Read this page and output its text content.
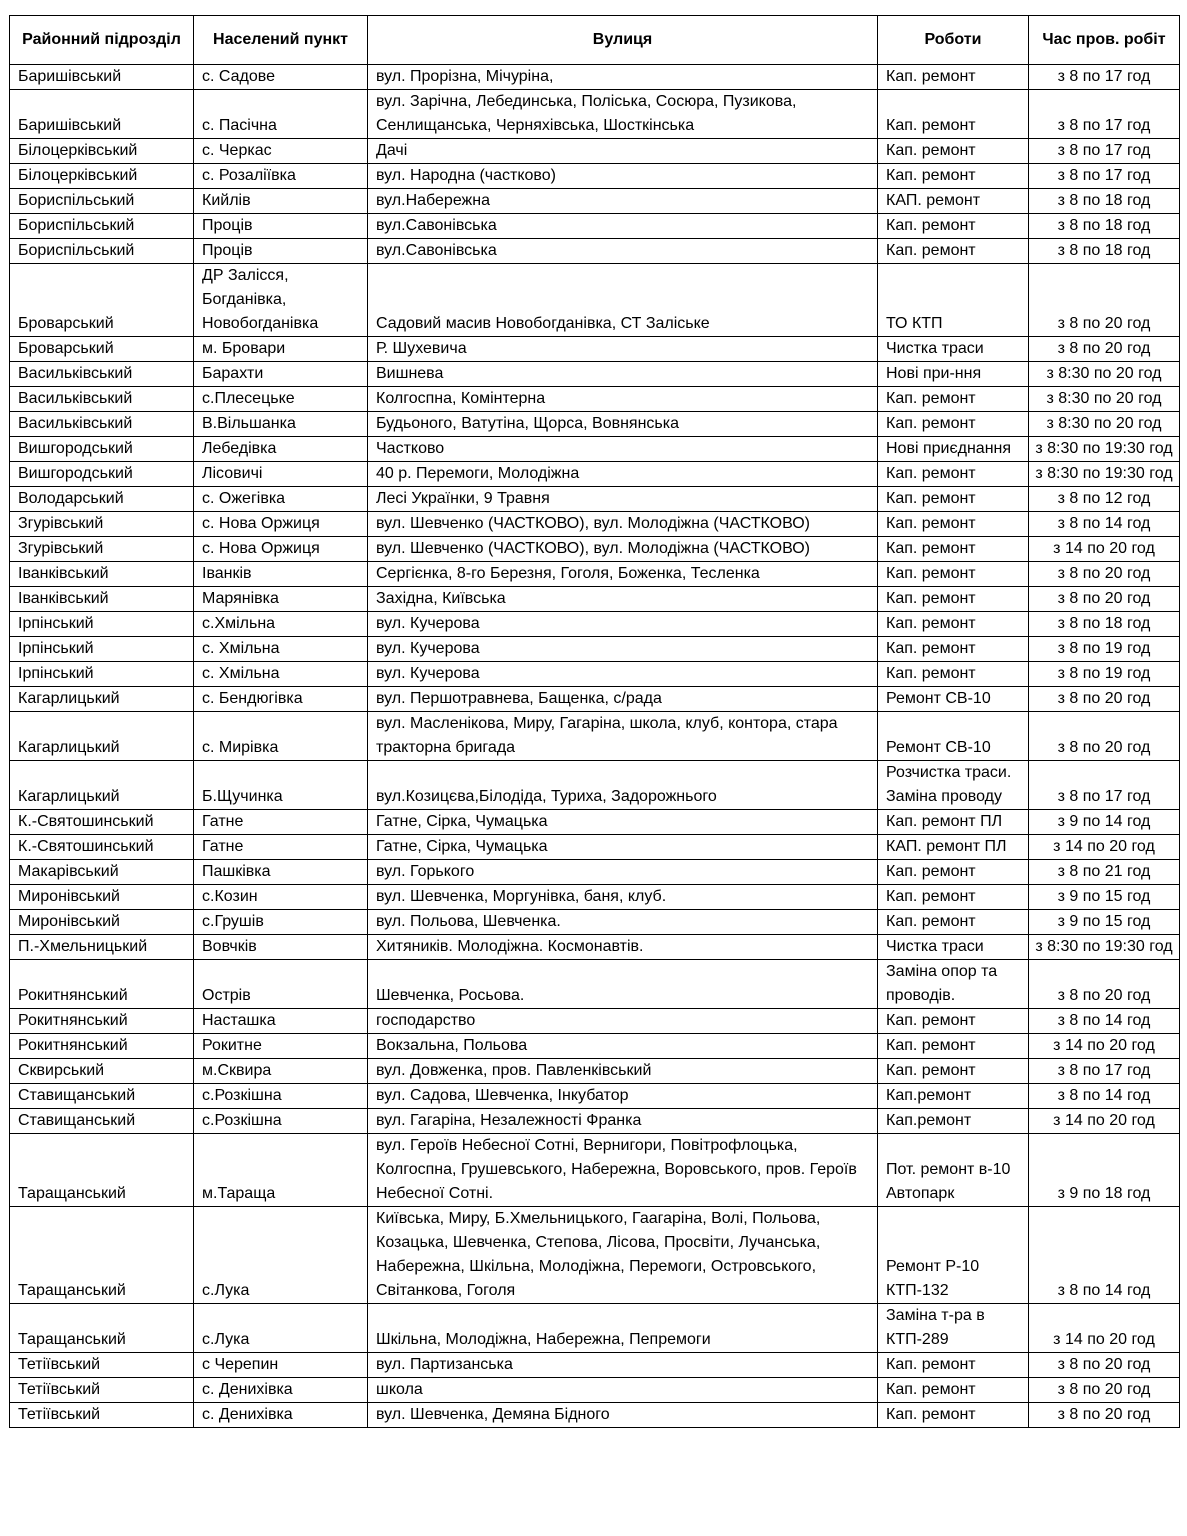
Районний підрозділ	Населений пункт	Вулиця	Роботи	Час пров. робіт
Баришівський	с. Садове	вул. Прорізна, Мічуріна,	Кап. ремонт	з 8 по 17 год
Баришівський	с. Пасічна	вул. Зарічна, Лебединська, Поліська, Сосюра, Пузикова, Сенлищанська, Черняхівська, Шосткінська	Кап. ремонт	з 8 по 17 год
Білоцерківський	с. Черкас	Дачі	Кап. ремонт	з 8 по 17 год
Білоцерківський	с. Розаліївка	вул. Народна (частково)	Кап. ремонт	з 8 по 17 год
Бориспільський	Кийлів	вул.Набережна	КАП. ремонт	з 8 по 18 год
Бориспільський	Проців	вул.Савонівська	Кап. ремонт	з 8 по 18 год
Бориспільський	Проців	вул.Савонівська	Кап. ремонт	з 8 по 18 год
Броварський	ДР Залісся, Богданівка, Новобогданівка	Садовий масив Новобогданівка, СТ Заліське	ТО КТП	з 8 по 20 год
Броварський	м. Бровари	Р. Шухевича	Чистка траси	з 8 по 20 год
Васильківський	Барахти	Вишнева	Нові при-ння	з 8:30 по 20 год
Васильківський	с.Плесецьке	Колгоспна, Комінтерна	Кап. ремонт	з 8:30 по 20 год
Васильківський	В.Вільшанка	Будьоного, Ватутіна, Щорса, Вовнянська	Кап. ремонт	з 8:30 по 20 год
Вишгородський	Лебедівка	Частково	Нові приєднання	з 8:30 по 19:30 год
Вишгородський	Лісовичі	40 р. Перемоги, Молодіжна	Кап. ремонт	з 8:30 по 19:30 год
Володарський	с. Ожегівка	Лесі Українки, 9 Травня	Кап. ремонт	з 8 по 12 год
Згурівський	с. Нова Оржиця	вул. Шевченко (ЧАСТКОВО), вул. Молодіжна (ЧАСТКОВО)	Кап. ремонт	з 8 по 14 год
Згурівський	с. Нова Оржиця	вул. Шевченко (ЧАСТКОВО), вул. Молодіжна (ЧАСТКОВО)	Кап. ремонт	з 14 по 20 год
Іванківський	Іванків	Сергієнка, 8-го Березня, Гоголя, Боженка, Тесленка	Кап. ремонт	з 8 по 20 год
Іванківський	Марянівка	Західна, Київська	Кап. ремонт	з 8 по 20 год
Ірпінський	с.Хмільна	вул. Кучерова	Кап. ремонт	з 8 по 18 год
Ірпінський	с. Хмільна	вул. Кучерова	Кап. ремонт	з 8 по 19 год
Ірпінський	с. Хмільна	вул. Кучерова	Кап. ремонт	з 8 по 19 год
Кагарлицький	с. Бендюгівка	вул. Першотравнева, Бащенка, с/рада	Ремонт СВ-10	з 8 по 20 год
Кагарлицький	с. Мирівка	вул. Масленікова, Миру, Гагаріна, школа, клуб, контора, стара тракторна бригада	Ремонт СВ-10	з 8 по 20 год
Кагарлицький	Б.Щучинка	вул.Козицєва,Білодіда, Туриха, Задорожнього	Розчистка траси. Заміна проводу	з 8 по 17 год
К.-Святошинський	Гатне	Гатне, Сірка, Чумацька	Кап. ремонт ПЛ	з 9 по 14 год
К.-Святошинський	Гатне	Гатне, Сірка, Чумацька	КАП. ремонт ПЛ	з 14 по 20 год
Макарівський	Пашківка	вул. Горького	Кап. ремонт	з 8 по 21 год
Миронівський	с.Козин	вул. Шевченка, Моргунівка, баня, клуб.	Кап. ремонт	з 9 по 15 год
Миронівський	с.Грушів	вул. Польова, Шевченка.	Кап. ремонт	з 9 по 15 год
П.-Хмельницький	Вовчків	Хитяників. Молодіжна. Космонавтів.	Чистка траси	з 8:30 по 19:30 год
Рокитнянський	Острів	Шевченка, Росьова.	Заміна опор та проводів.	з 8 по 20 год
Рокитнянський	Насташка	господарство	Кап. ремонт	з 8 по 14 год
Рокитнянський	Рокитне	Вокзальна, Польова	Кап. ремонт	з 14 по 20 год
Сквирський	м.Сквира	вул. Довженка, пров. Павленківський	Кап. ремонт	з 8 по 17 год
Ставищанський	с.Розкішна	вул. Садова, Шевченка, Інкубатор	Кап.ремонт	з 8 по 14 год
Ставищанський	с.Розкішна	вул. Гагаріна, Незалежності Франка	Кап.ремонт	з 14 по 20 год
Таращанський	м.Тараща	вул. Героїв Небесної Сотні, Вернигори, Повітрофлоцька, Колгоспна, Грушевського, Набережна, Воровського, пров. Героїв Небесної Сотні.	Пот. ремонт в-10 Автопарк	з 9 по 18 год
Таращанський	с.Лука	Київська, Миру, Б.Хмельницького, Гаагаріна, Волі, Польова, Козацька, Шевченка, Степова, Лісова, Просвіти, Лучанська, Набережна, Шкільна, Молодіжна, Перемоги, Островського, Світанкова, Гоголя	Ремонт Р-10 КТП-132	з 8 по 14 год
Таращанський	с.Лука	Шкільна, Молодіжна, Набережна, Пепремоги	Заміна т-ра в КТП-289	з 14 по 20 год
Тетіївський	с Черепин	вул. Партизанська	Кап. ремонт	з 8 по 20 год
Тетіївський	с. Дениxівка	школа	Кап. ремонт	з 8 по 20 год
Тетіївський	с. Дениxівка	вул. Шевченка, Демяна Бідного	Кап. ремонт	з 8 по 20 год
